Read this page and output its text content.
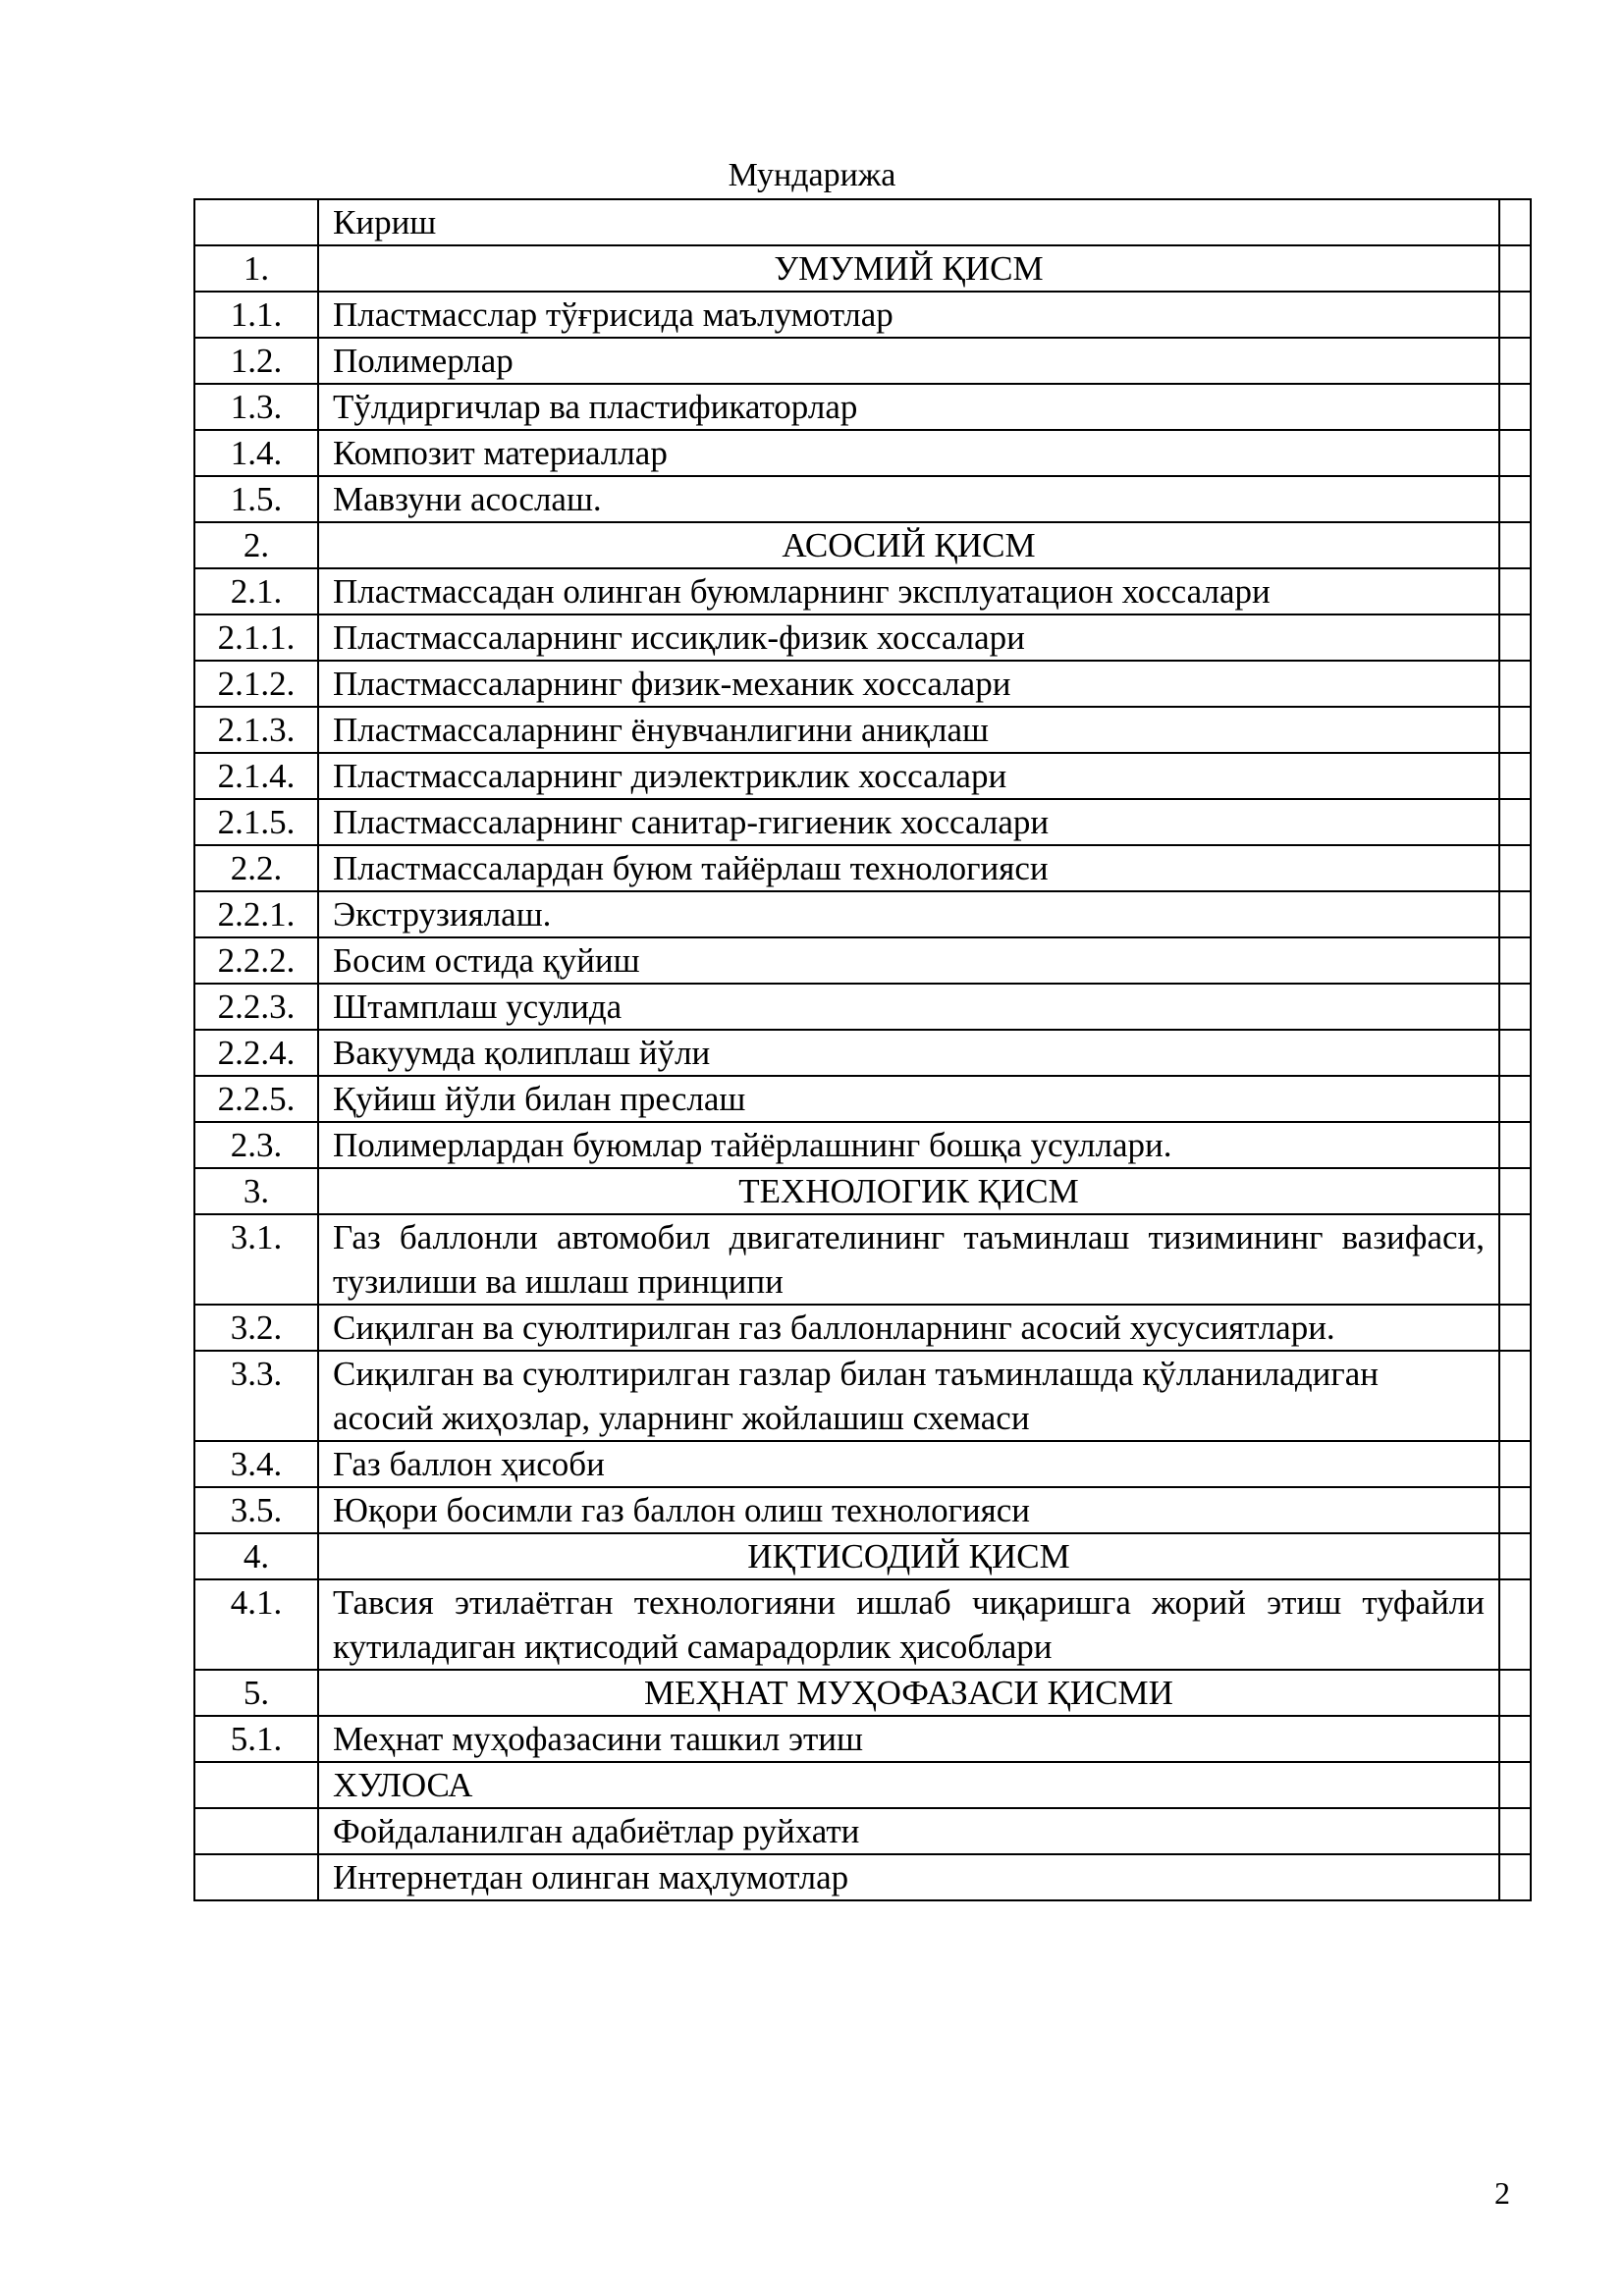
Мундарижа
	Кириш	
1.	УМУМИЙ ҚИСМ	
1.1.	Пластмасслар тўғрисида маълумотлар	
1.2.	Полимерлар	
1.3.	Тўлдиргичлар ва пластификаторлар	
1.4.	Композит материаллар	
1.5.	Мавзуни асослаш.	
2.	АСОСИЙ ҚИСМ	
2.1.	Пластмассадан олинган буюмларнинг эксплуатацион хоссалари	
2.1.1.	Пластмассаларнинг иссиқлик-физик хоссалари	
2.1.2.	Пластмассаларнинг физик-механик хоссалари	
2.1.3.	Пластмассаларнинг ёнувчанлигини аниқлаш	
2.1.4.	Пластмассаларнинг диэлектриклик хоссалари	
2.1.5.	Пластмассаларнинг санитар-гигиеник хоссалари	
2.2.	Пластмассалардан буюм тайёрлаш технологияси	
2.2.1.	Экструзиялаш.	
2.2.2.	Босим остида қуйиш	
2.2.3.	Штамплаш усулида	
2.2.4.	Вакуумда қолиплаш йўли	
2.2.5.	Қуйиш йўли билан преслаш	
2.3.	Полимерлардан буюмлар тайёрлашнинг бошқа усуллари.	
3.	ТЕХНОЛОГИК ҚИСМ	
3.1.	Газ баллонли автомобил двигателининг таъминлаш тизимининг вазифаси, тузилиши ва ишлаш принципи	
3.2.	Сиқилган ва суюлтирилган газ баллонларнинг асосий хусусиятлари.	
3.3.	Сиқилган ва суюлтирилган газлар билан таъминлашда қўлланиладиган асосий жиҳозлар, уларнинг жойлашиш схемаси	
3.4.	Газ баллон ҳисоби	
3.5.	Юқори босимли газ баллон олиш технологияси	
4.	ИҚТИСОДИЙ ҚИСМ	
4.1.	Тавсия этилаётган технологияни ишлаб чиқаришга жорий этиш туфайли кутиладиган иқтисодий самарадорлик ҳисоблари	
5.	МЕҲНАТ МУҲОФАЗАСИ ҚИСМИ	
5.1.	Меҳнат муҳофазасини ташкил этиш	
	ХУЛОСА	
	Фойдаланилган адабиётлар руйхати	
	Интернетдан олинган маҳлумотлар	
2
